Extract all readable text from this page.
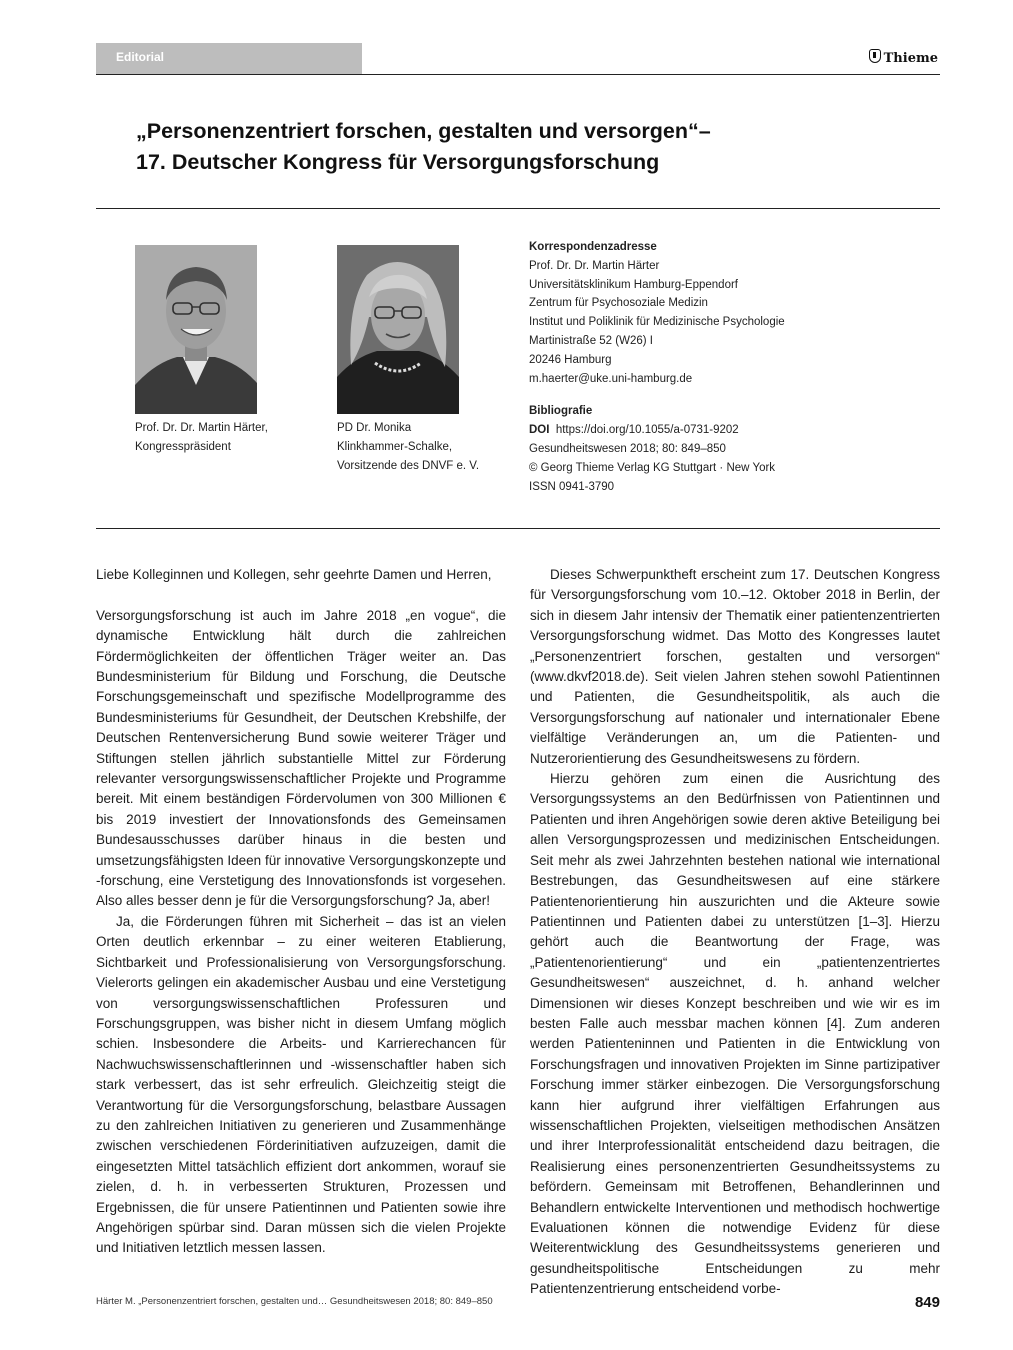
Editorial	Thieme
„Personenzentriert forschen, gestalten und versorgen“–
17. Deutscher Kongress für Versorgungsforschung
Prof. Dr. Dr. Martin Härter,
Kongresspräsident
PD Dr. Monika
Klinkhammer-Schalke,
Vorsitzende des DNVF e. V.
Korrespondenzadresse
Prof. Dr. Dr. Martin Härter
Universitätsklinikum Hamburg-Eppendorf
Zentrum für Psychosoziale Medizin
Institut und Poliklinik für Medizinische Psychologie
Martinistraße 52 (W26) I
20246 Hamburg
m.haerter@uke.uni-hamburg.de
Bibliografie
DOI https://doi.org/10.1055/a-0731-9202
Gesundheitswesen 2018; 80: 849–850
© Georg Thieme Verlag KG Stuttgart · New York
ISSN 0941-3790

Liebe Kolleginnen und Kollegen, sehr geehrte Damen und Herren,

Versorgungsforschung ist auch im Jahre 2018 „en vogue“, die dynamische Entwicklung hält durch die zahlreichen Fördermöglichkeiten der öffentlichen Träger weiter an. Das Bundesministerium für Bildung und Forschung, die Deutsche Forschungsgemeinschaft und spezifische Modellprogramme des Bundesministeriums für Gesundheit, der Deutschen Krebshilfe, der Deutschen Rentenversicherung Bund sowie weiterer Träger und Stiftungen stellen jährlich substantielle Mittel zur Förderung relevanter versorgungswissenschaftlicher Projekte und Programme bereit. Mit einem beständigen Fördervolumen von 300 Millionen € bis 2019 investiert der Innovationsfonds des Gemeinsamen Bundesausschusses darüber hinaus in die besten und umsetzungsfähigsten Ideen für innovative Versorgungskonzepte und -forschung, eine Verstetigung des Innovationsfonds ist vorgesehen. Also alles besser denn je für die Versorgungsforschung? Ja, aber!

Ja, die Förderungen führen mit Sicherheit – das ist an vielen Orten deutlich erkennbar – zu einer weiteren Etablierung, Sichtbarkeit und Professionalisierung von Versorgungsforschung. Vielerorts gelingen ein akademischer Ausbau und eine Verstetigung von versorgungswissenschaftlichen Professuren und Forschungsgruppen, was bisher nicht in diesem Umfang möglich schien. Insbesondere die Arbeits- und Karrierechancen für Nachwuchswissenschaftlerinnen und -wissenschaftler haben sich stark verbessert, das ist sehr erfreulich. Gleichzeitig steigt die Verantwortung für die Versorgungsforschung, belastbare Aussagen zu den zahlreichen Initiativen zu generieren und Zusammenhänge zwischen verschiedenen Förderinitiativen aufzuzeigen, damit die eingesetzten Mittel tatsächlich effizient dort ankommen, worauf sie zielen, d. h. in verbesserten Strukturen, Prozessen und Ergebnissen, die für unsere Patientinnen und Patienten sowie ihre Angehörigen spürbar sind. Daran müssen sich die vielen Projekte und Initiativen letztlich messen lassen.

Dieses Schwerpunktheft erscheint zum 17. Deutschen Kongress für Versorgungsforschung vom 10.–12. Oktober 2018 in Berlin, der sich in diesem Jahr intensiv der Thematik einer patientenzentrierten Versorgungsforschung widmet. Das Motto des Kongresses lautet „Personenzentriert forschen, gestalten und versorgen“ (www.dkvf2018.de). Seit vielen Jahren stehen sowohl Patientinnen und Patienten, die Gesundheitspolitik, als auch die Versorgungsforschung auf nationaler und internationaler Ebene vielfältige Veränderungen an, um die Patienten- und Nutzerorientierung des Gesundheitswesens zu fördern.

Hierzu gehören zum einen die Ausrichtung des Versorgungssystems an den Bedürfnissen von Patientinnen und Patienten und ihren Angehörigen sowie deren aktive Beteiligung bei allen Versorgungsprozessen und medizinischen Entscheidungen. Seit mehr als zwei Jahrzehnten bestehen national wie international Bestrebungen, das Gesundheitswesen auf eine stärkere Patientenorientierung hin auszurichten und die Akteure sowie Patientinnen und Patienten dabei zu unterstützen [1–3]. Hierzu gehört auch die Beantwortung der Frage, was „Patientenorientierung“ und ein „patientenzentriertes Gesundheitswesen“ auszeichnet, d. h. anhand welcher Dimensionen wir dieses Konzept beschreiben und wie wir es im besten Falle auch messbar machen können [4]. Zum anderen werden Patienteninnen und Patienten in die Entwicklung von Forschungsfragen und innovativen Projekten im Sinne partizipativer Forschung immer stärker einbezogen. Die Versorgungsforschung kann hier aufgrund ihrer vielfältigen Erfahrungen aus wissenschaftlichen Projekten, vielseitigen methodischen Ansätzen und ihrer Interprofessionalität entscheidend dazu beitragen, die Realisierung eines personenzentrierten Gesundheitssystems zu befördern. Gemeinsam mit Betroffenen, Behandlerinnen und Behandlern entwickelte Interventionen und methodisch hochwertige Evaluationen können die notwendige Evidenz für diese Weiterentwicklung des Gesundheitssystems generieren und gesundheitspolitische Entscheidungen zu mehr Patientenzentrierung entscheidend vorbe-

Härter M. „Personenzentriert forschen, gestalten und… Gesundheitswesen 2018; 80: 849–850	849
